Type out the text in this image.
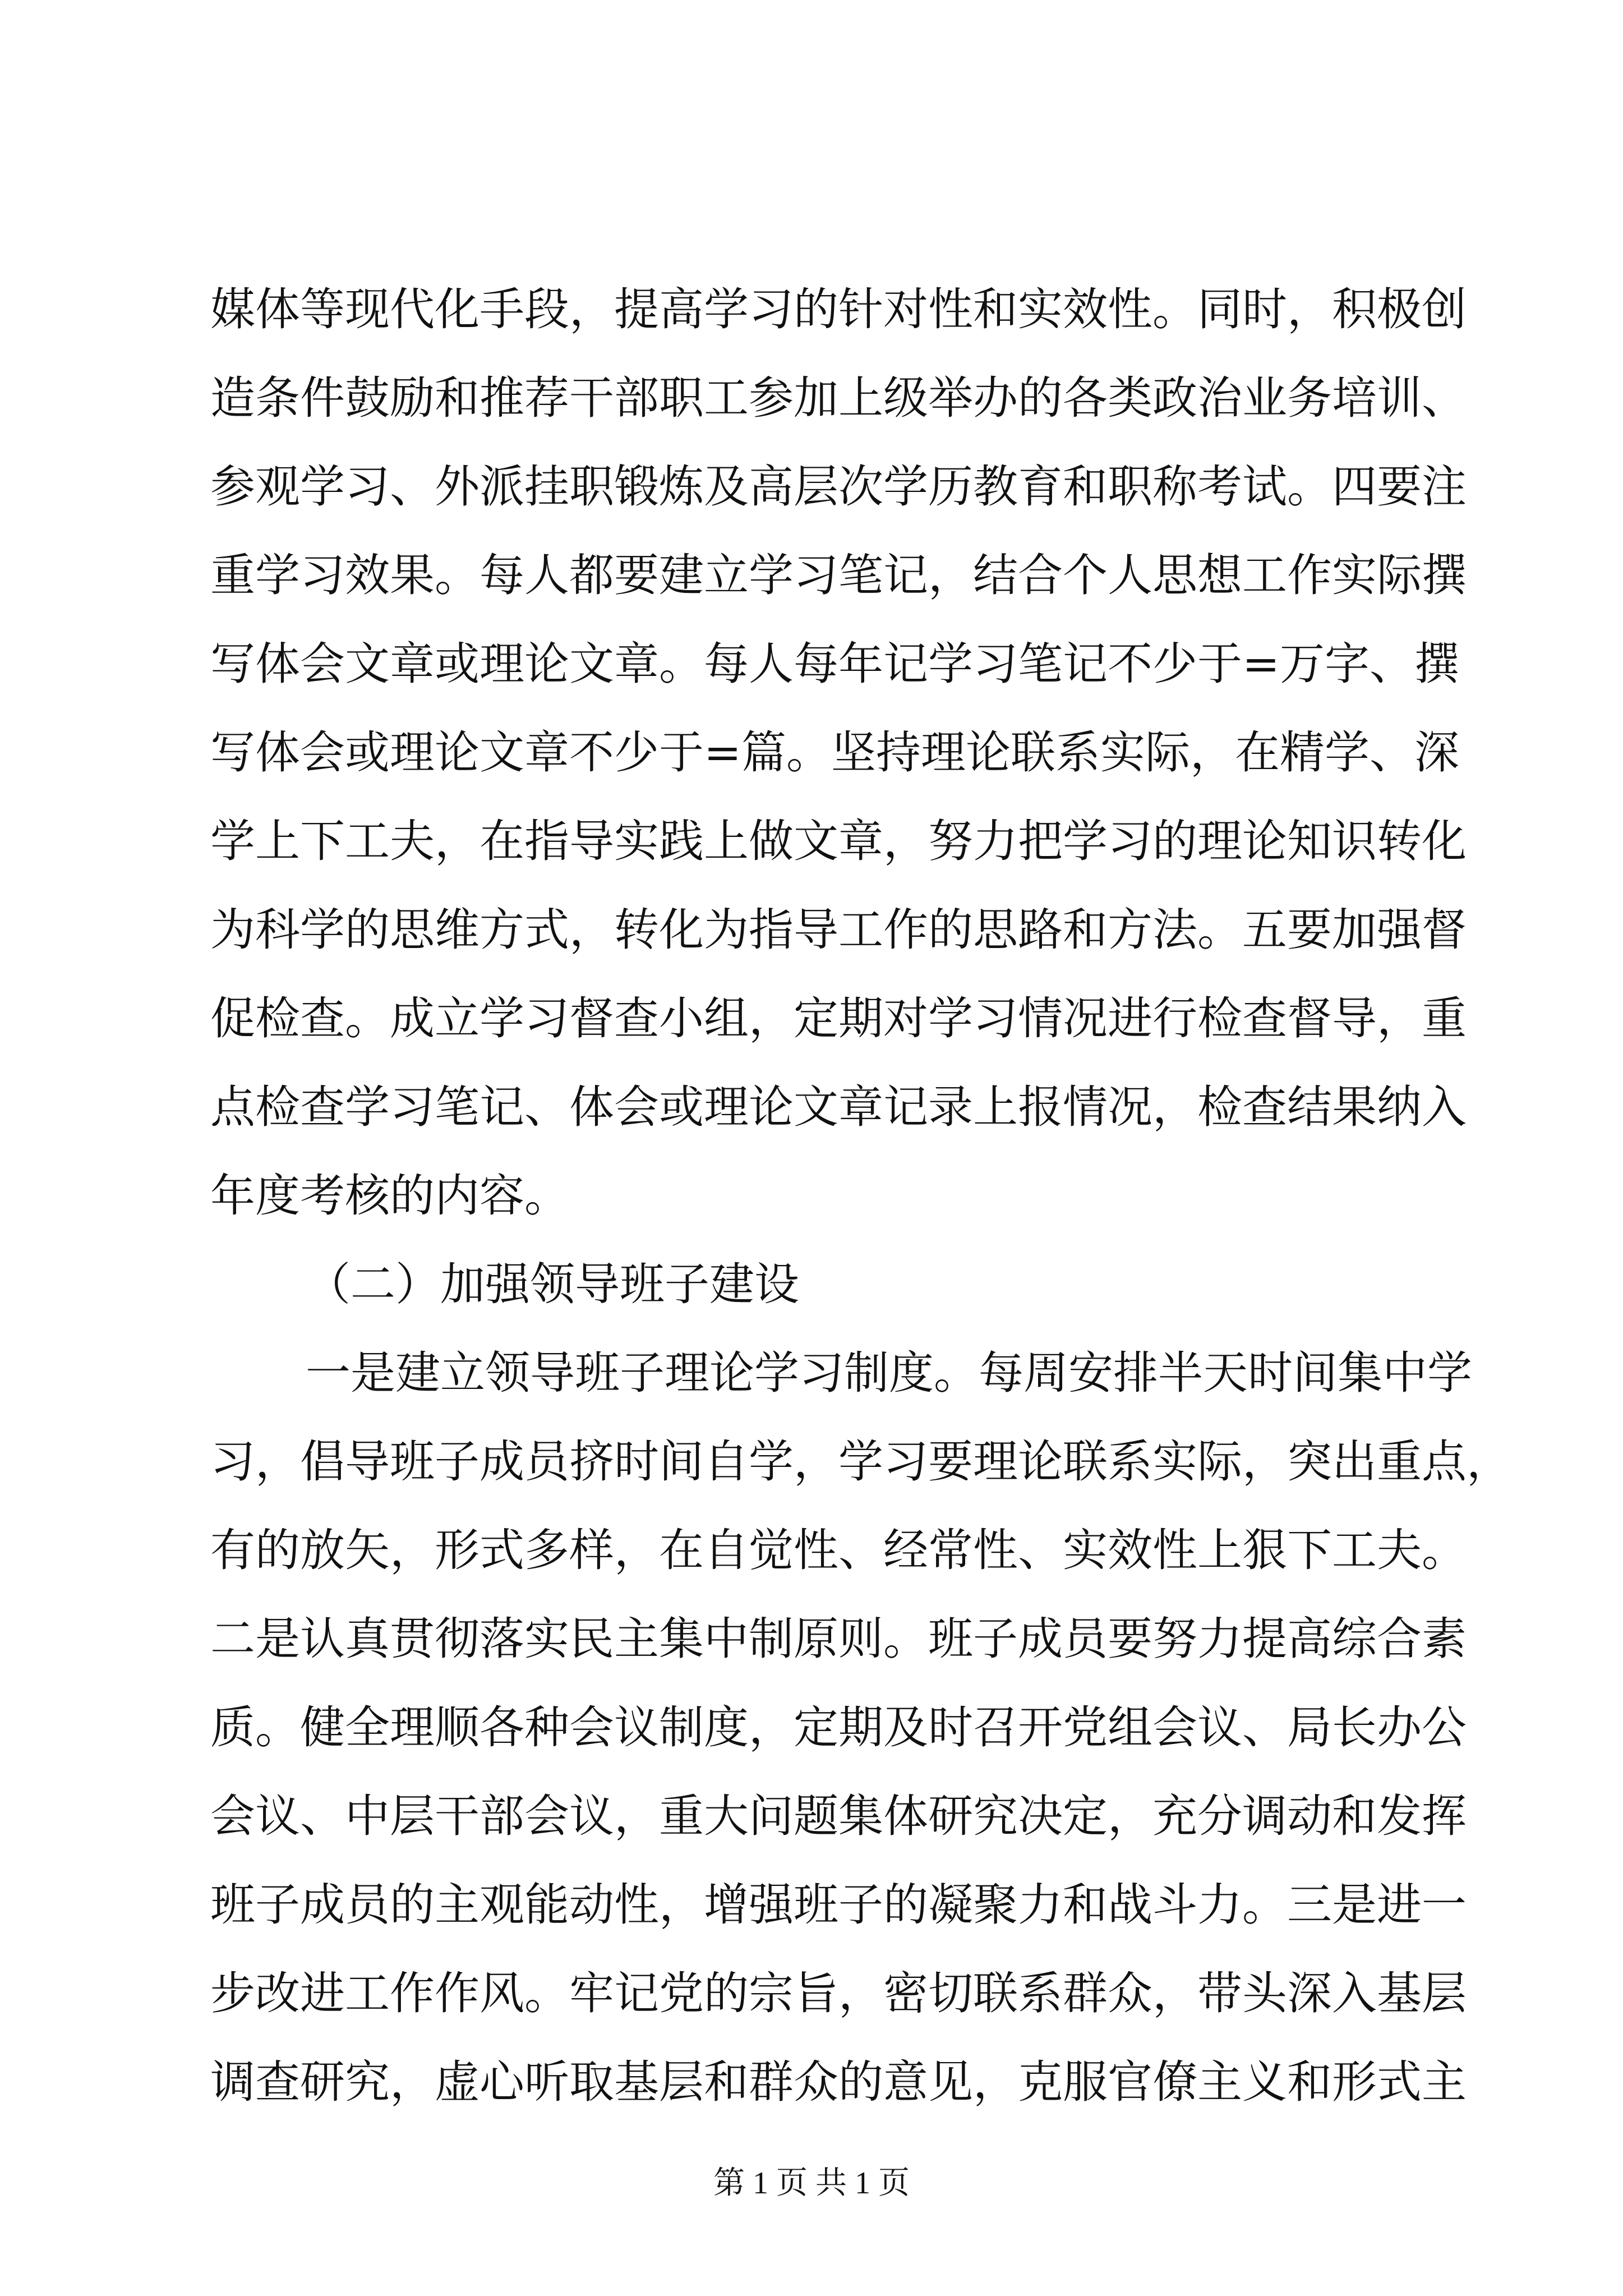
媒体等现代化手段，提高学习的针对性和实效性。同时，积极创
造条件鼓励和推荐干部职工参加上级举办的各类政治业务培训、
参观学习、外派挂职锻炼及高层次学历教育和职称考试。四要注
重学习效果。每人都要建立学习笔记，结合个人思想工作实际撰
写体会文章或理论文章。每人每年记学习笔记不少于=万字、撰
写体会或理论文章不少于=篇。坚持理论联系实际，在精学、深
学上下工夫，在指导实践上做文章，努力把学习的理论知识转化
为科学的思维方式，转化为指导工作的思路和方法。五要加强督
促检查。成立学习督查小组，定期对学习情况进行检查督导，重
点检查学习笔记、体会或理论文章记录上报情况，检查结果纳入
年度考核的内容。
（二）加强领导班子建设
一是建立领导班子理论学习制度。每周安排半天时间集中学
习，倡导班子成员挤时间自学，学习要理论联系实际，突出重点，
有的放矢，形式多样，在自觉性、经常性、实效性上狠下工夫。
二是认真贯彻落实民主集中制原则。班子成员要努力提高综合素
质。健全理顺各种会议制度，定期及时召开党组会议、局长办公
会议、中层干部会议，重大问题集体研究决定，充分调动和发挥
班子成员的主观能动性，增强班子的凝聚力和战斗力。三是进一
步改进工作作风。牢记党的宗旨，密切联系群众，带头深入基层
调查研究，虚心听取基层和群众的意见，克服官僚主义和形式主
第 1 页 共 1 页
